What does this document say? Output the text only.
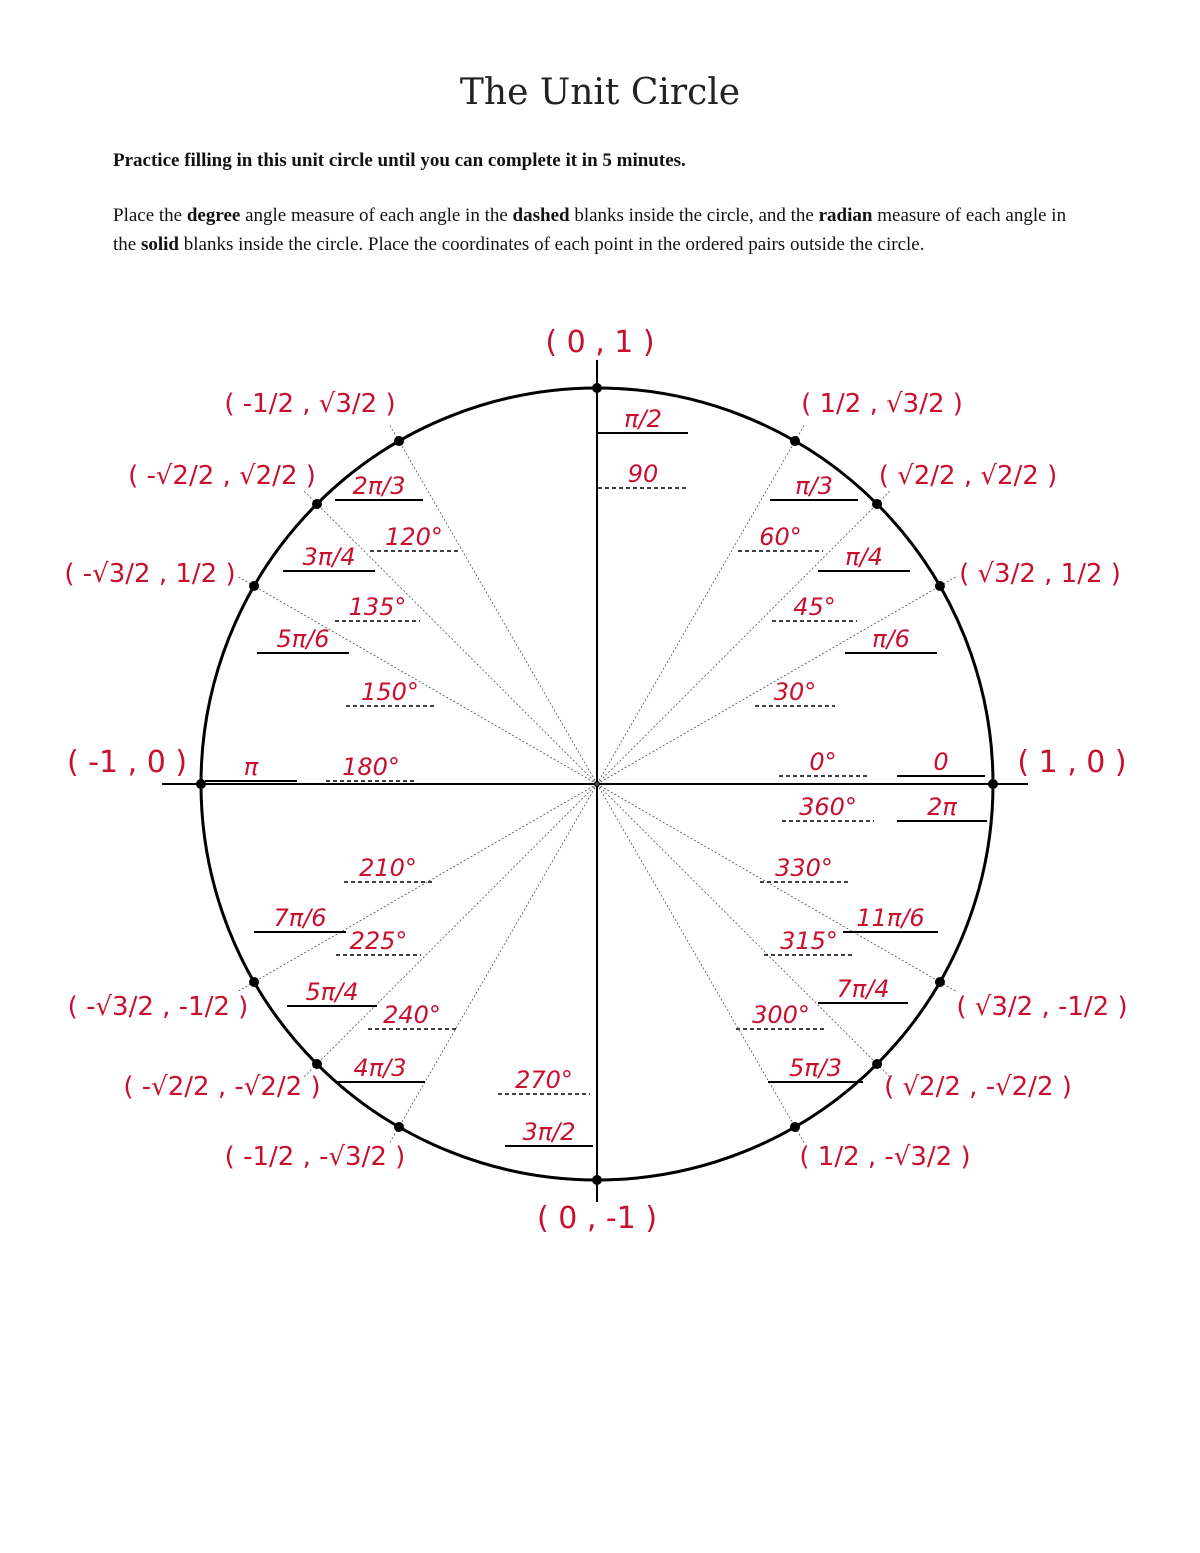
The Unit Circle
Practice filling in this unit circle until you can complete it in 5 minutes.
Place the degree angle measure of each angle in the dashed blanks inside the circle, and the radian measure of each angle in the solid blanks inside the circle. Place the coordinates of each point in the ordered pairs outside the circle.
0
0°
π/6
30°
π/4
45°
π/3
60°
π/2
90
2π/3
120°
3π/4
135°
5π/6
150°
π	180°
7π/6
210°
5π/4
225°
4π/3
240°
3π/2
270°	5π/3
300°
7π/4
315°
11π/6
330°
2π
360°
( 1 , 0 )
( √3/2 , 1/2 )
( √2/2 , √2/2 )
( 1/2 , √3/2 )
( 0 , 1 )
( -1/2 , √3/2 )
( -√2/2 , √2/2 )
( -√3/2 , 1/2 )
( -1 , 0 )
( -√3/2 , -1/2 )
( -√2/2 , -√2/2 )
( -1/2 , -√3/2 )
( 0 , -1 )
( 1/2 , -√3/2 )
( √2/2 , -√2/2 )
( √3/2 , -1/2 )
